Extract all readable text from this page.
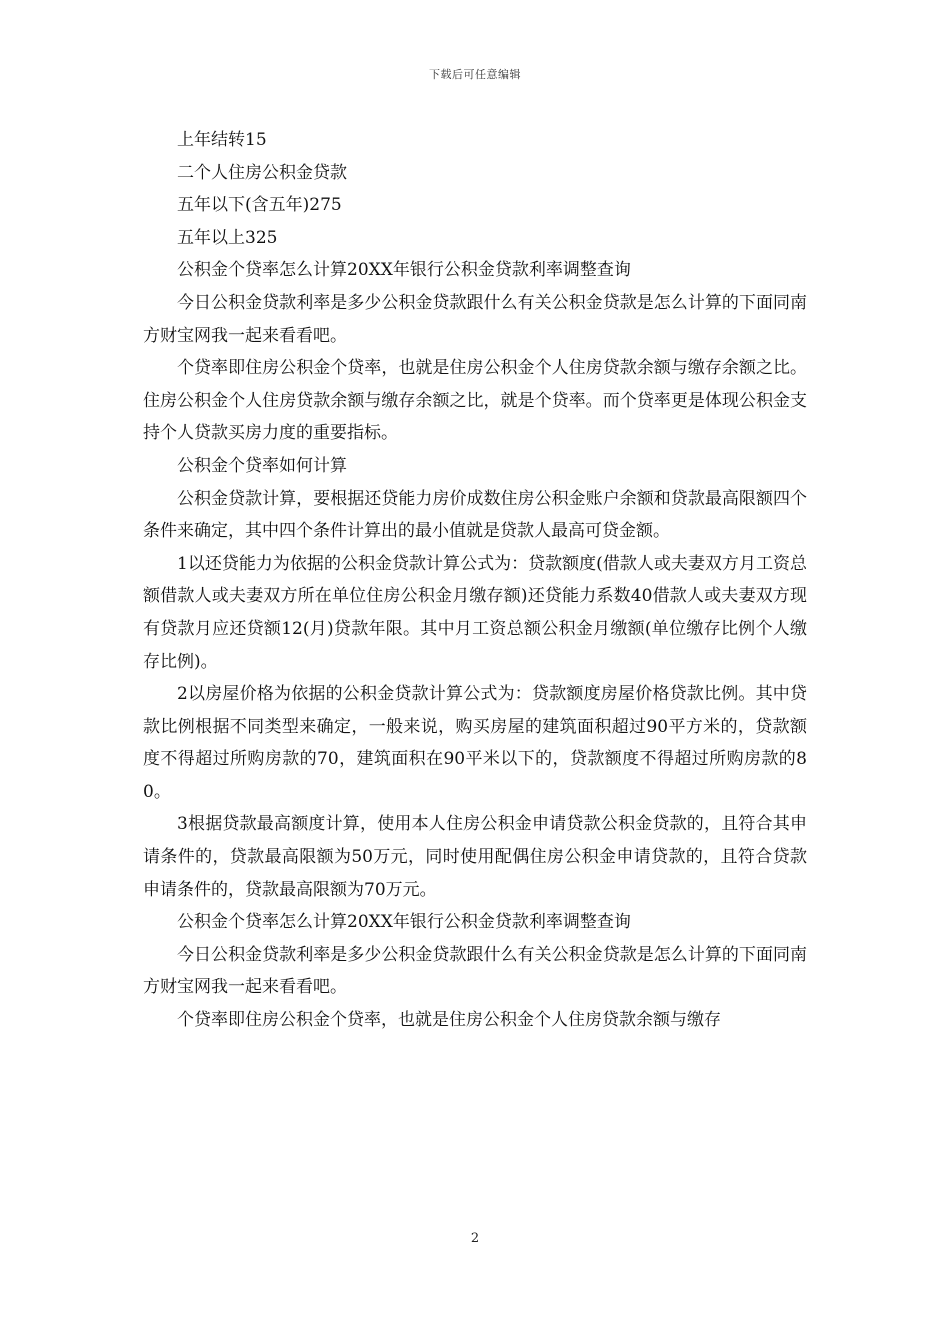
下载后可任意编辑

上年结转15

二个人住房公积金贷款

五年以下(含五年)275

五年以上325

公积金个贷率怎么计算20XX年银行公积金贷款利率调整查询

今日公积金贷款利率是多少公积金贷款跟什么有关公积金贷款是怎么计算的下面同南方财宝网我一起来看看吧。

个贷率即住房公积金个贷率，也就是住房公积金个人住房贷款余额与缴存余额之比。住房公积金个人住房贷款余额与缴存余额之比，就是个贷率。而个贷率更是体现公积金支持个人贷款买房力度的重要指标。

公积金个贷率如何计算

公积金贷款计算，要根据还贷能力房价成数住房公积金账户余额和贷款最高限额四个条件来确定，其中四个条件计算出的最小值就是贷款人最高可贷金额。

1以还贷能力为依据的公积金贷款计算公式为：贷款额度(借款人或夫妻双方月工资总额借款人或夫妻双方所在单位住房公积金月缴存额)还贷能力系数40借款人或夫妻双方现有贷款月应还贷额12(月)贷款年限。其中月工资总额公积金月缴额(单位缴存比例个人缴存比例)。

2以房屋价格为依据的公积金贷款计算公式为：贷款额度房屋价格贷款比例。其中贷款比例根据不同类型来确定，一般来说，购买房屋的建筑面积超过90平方米的，贷款额度不得超过所购房款的70，建筑面积在90平米以下的，贷款额度不得超过所购房款的80。

3根据贷款最高额度计算，使用本人住房公积金申请贷款公积金贷款的，且符合其申请条件的，贷款最高限额为50万元，同时使用配偶住房公积金申请贷款的，且符合贷款申请条件的，贷款最高限额为70万元。

公积金个贷率怎么计算20XX年银行公积金贷款利率调整查询

今日公积金贷款利率是多少公积金贷款跟什么有关公积金贷款是怎么计算的下面同南方财宝网我一起来看看吧。

个贷率即住房公积金个贷率，也就是住房公积金个人住房贷款余额与缴存

2
